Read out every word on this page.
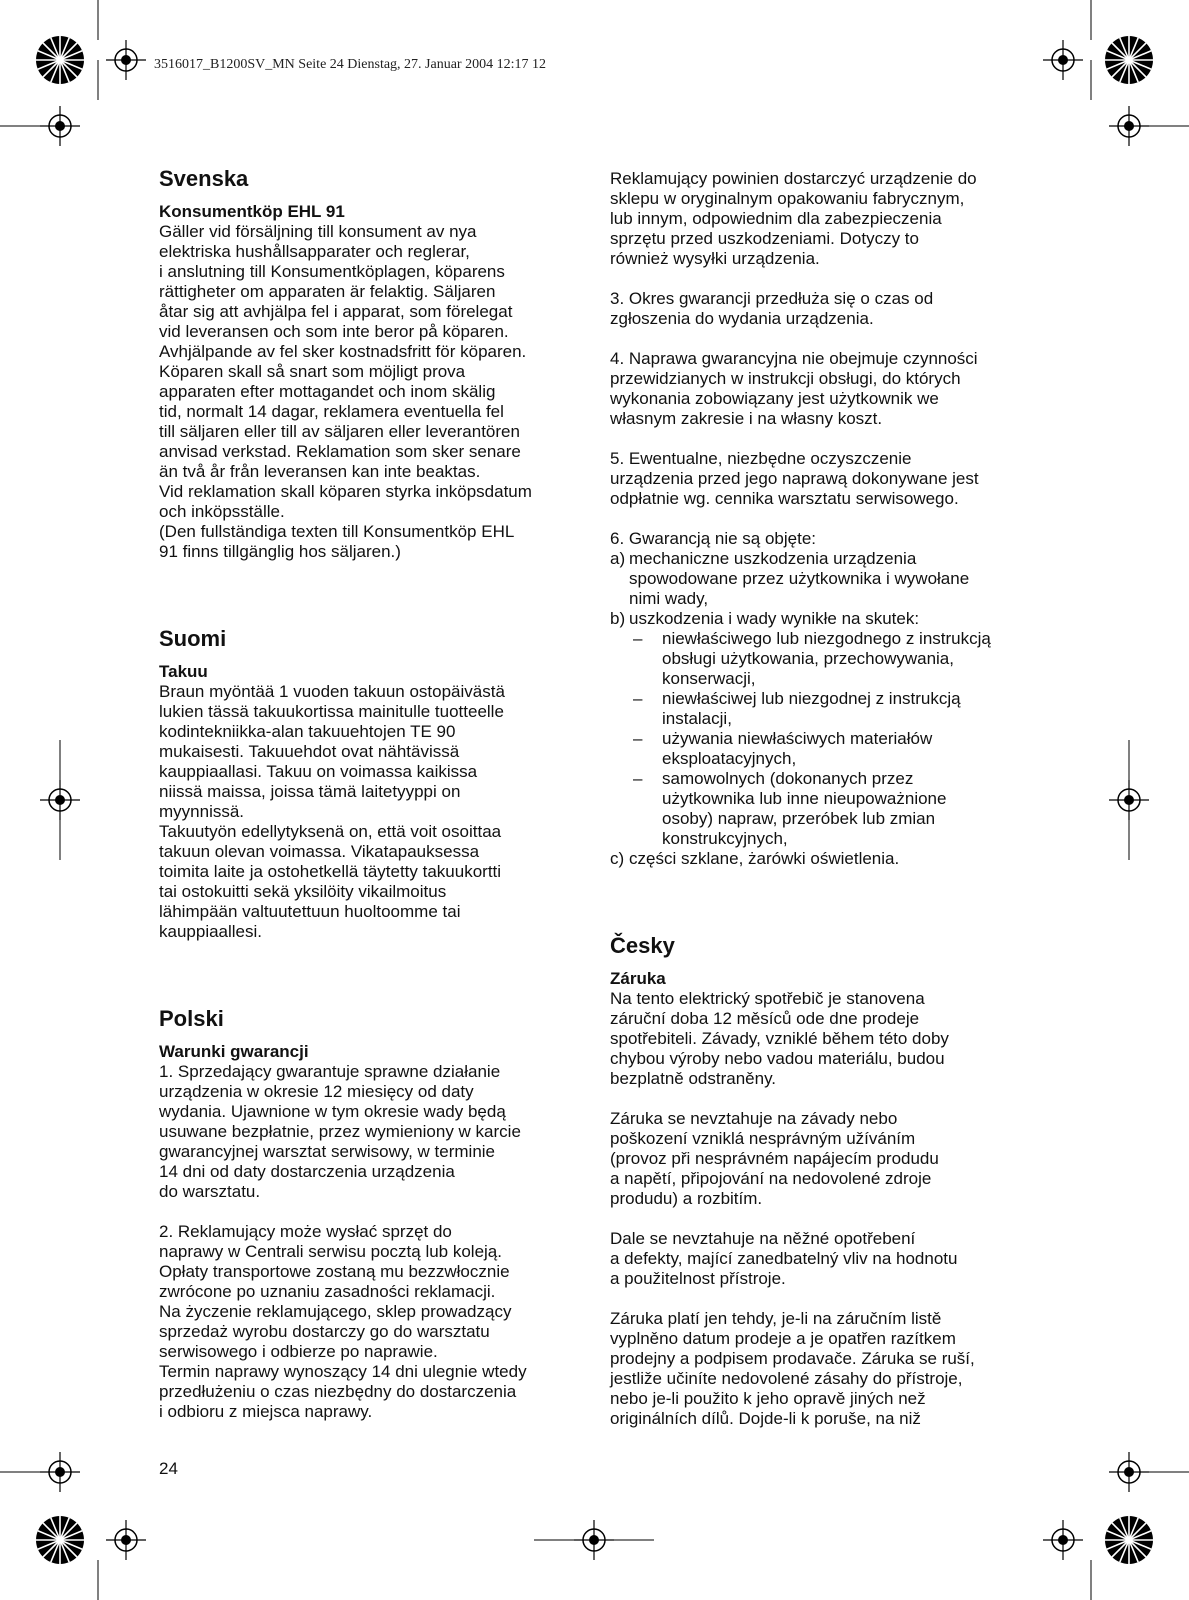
3516017_B1200SV_MN Seite 24 Dienstag, 27. Januar 2004 12:17 12
Svenska

Konsumentköp EHL 91

Gäller vid försäljning till konsument av nya
elektriska hushållsapparater och reglerar,
i anslutning till Konsumentköplagen, köparens
rättigheter om apparaten är felaktig. Säljaren
åtar sig att avhjälpa fel i apparat, som förelegat
vid leveransen och som inte beror på köparen.
Avhjälpande av fel sker kostnadsfritt för köparen.
Köparen skall så snart som möjligt prova
apparaten efter mottagandet och inom skälig
tid, normalt 14 dagar, reklamera eventuella fel
till säljaren eller till av säljaren eller leverantören
anvisad verkstad. Reklamation som sker senare
än två år från leveransen kan inte beaktas.
Vid reklamation skall köparen styrka inköpsdatum
och inköpsställe.
(Den fullständiga texten till Konsumentköp EHL
91 finns tillgänglig hos säljaren.)

Suomi

Takuu

Braun myöntää 1 vuoden takuun ostopäivästä
lukien tässä takuukortissa mainitulle tuotteelle
kodintekniikka-alan takuuehtojen TE 90
mukaisesti. Takuuehdot ovat nähtävissä
kauppiaallasi. Takuu on voimassa kaikissa
niissä maissa, joissa tämä laitetyyppi on
myynnissä.
Takuutyön edellytyksenä on, että voit osoittaa
takuun olevan voimassa. Vikatapauksessa
toimita laite ja ostohetkellä täytetty takuukortti
tai ostokuitti sekä yksilöity vikailmoitus
lähimpään valtuutettuun huoltoomme tai
kauppiaallesi.

Polski

Warunki gwarancji

1. Sprzedający gwarantuje sprawne działanie
urządzenia w okresie 12 miesięcy od daty
wydania. Ujawnione w tym okresie wady będą
usuwane bezpłatnie, przez wymieniony w karcie
gwarancyjnej warsztat serwisowy, w terminie
14 dni od daty dostarczenia urządzenia
do warsztatu.

2. Reklamujący może wysłać sprzęt do
naprawy w Centrali serwisu pocztą lub koleją.
Opłaty transportowe zostaną mu bezzwłocznie
zwrócone po uznaniu zasadności reklamacji.
Na życzenie reklamującego, sklep prowadzący
sprzedaż wyrobu dostarczy go do warsztatu
serwisowego i odbierze po naprawie.
Termin naprawy wynoszący 14 dni ulegnie wtedy
przedłużeniu o czas niezbędny do dostarczenia
i odbioru z miejsca naprawy.

Reklamujący powinien dostarczyć urządzenie do
sklepu w oryginalnym opakowaniu fabrycznym,
lub innym, odpowiednim dla zabezpieczenia
sprzętu przed uszkodzeniami. Dotyczy to
również wysyłki urządzenia.

3. Okres gwarancji przedłuża się o czas od
zgłoszenia do wydania urządzenia.

4. Naprawa gwarancyjna nie obejmuje czynności
przewidzianych w instrukcji obsługi, do których
wykonania zobowiązany jest użytkownik we
własnym zakresie i na własny koszt.

5. Ewentualne, niezbędne oczyszczenie
urządzenia przed jego naprawą dokonywane jest
odpłatnie wg. cennika warsztatu serwisowego.

6. Gwarancją nie są objęte:

a) mechaniczne uszkodzenia urządzenia
spowodowane przez użytkownika i wywołane
nimi wady,
b) uszkodzenia i wady wynikłe na skutek:
– niewłaściwego lub niezgodnego z instrukcją
obsługi użytkowania, przechowywania,
konserwacji,
– niewłaściwej lub niezgodnej z instrukcją
instalacji,
– używania niewłaściwych materiałów
eksploatacyjnych,
– samowolnych (dokonanych przez
użytkownika lub inne nieupoważnione
osoby) napraw, przeróbek lub zmian
konstrukcyjnych,
c) części szklane, żarówki oświetlenia.
Česky

Záruka

Na tento elektrický spotřebič je stanovena
záruční doba 12 měsíců ode dne prodeje
spotřebiteli. Závady, vzniklé během této doby
chybou výroby nebo vadou materiálu, budou
bezplatně odstraněny.

Záruka se nevztahuje na závady nebo
poškození vzniklá nesprávným užíváním
(provoz při nesprávném napájecím produdu
a napětí, připojování na nedovolené zdroje
produdu) a rozbitím.

Dale se nevztahuje na něžné opotřebení
a defekty, mající zanedbatelný vliv na hodnotu
a použitelnost přístroje.

Záruka platí jen tehdy, je-li na záručním listě
vyplněno datum prodeje a je opatřen razítkem
prodejny a podpisem prodavače. Záruka se ruší,
jestliže učiníte nedovolené zásahy do přístroje,
nebo je-li použito k jeho opravě jiných než
originálních dílů. Dojde-li k poruše, na niž

24
